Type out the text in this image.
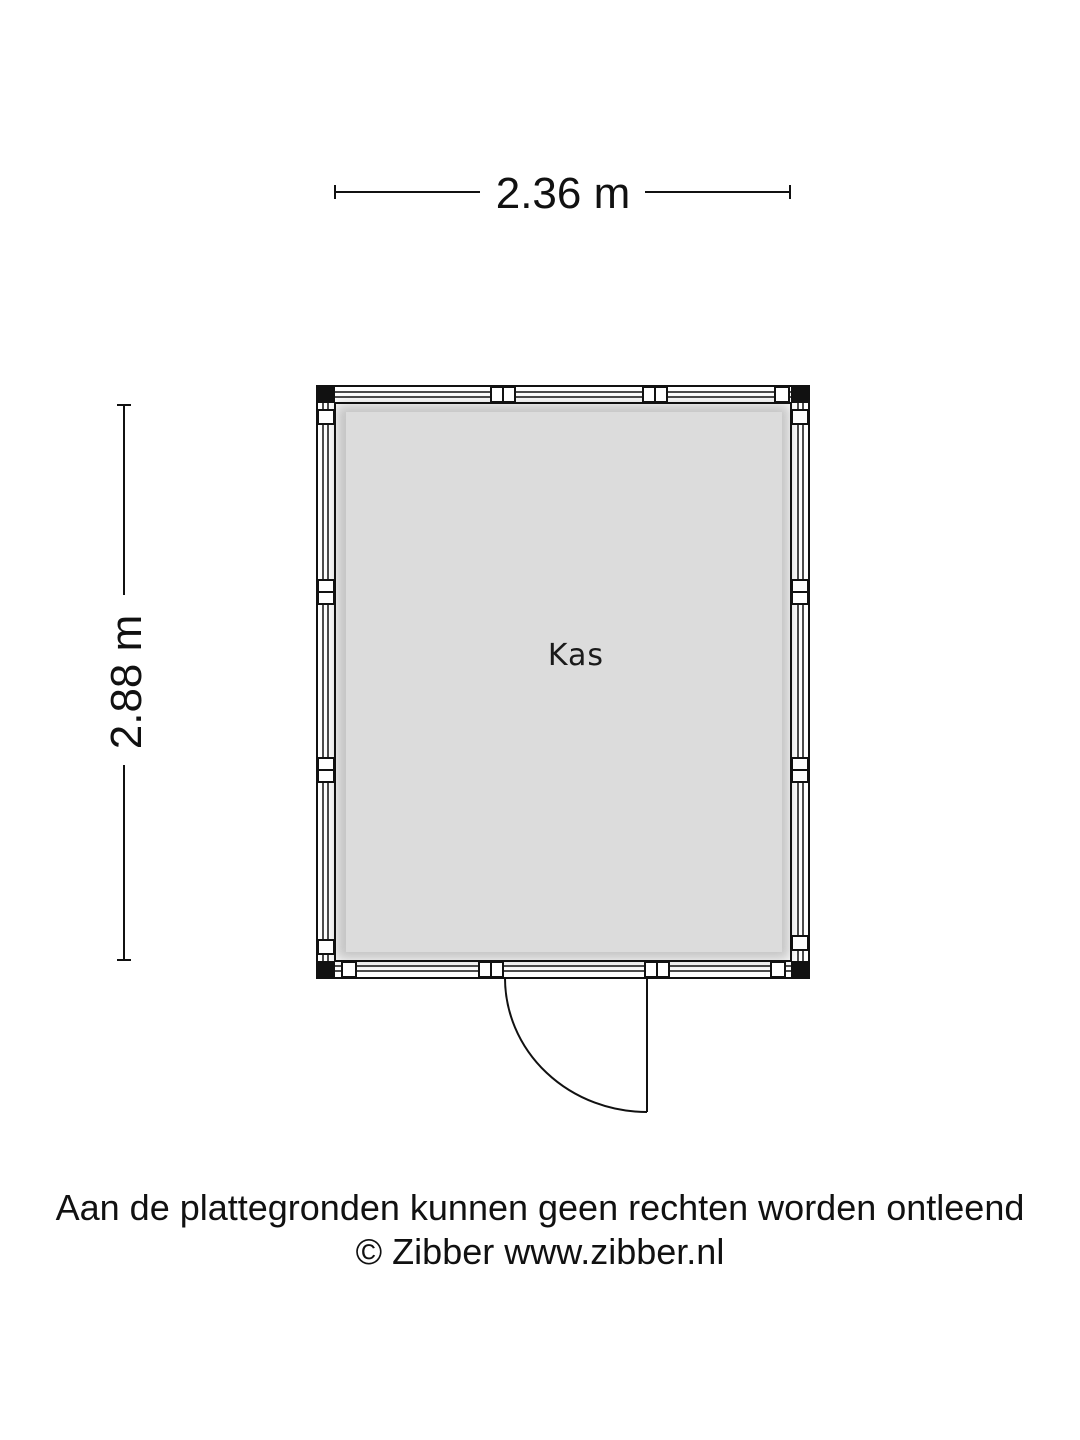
2.36 m
2.88 m	Kas
Aan de plattegronden kunnen geen rechten worden ontleend
© Zibber www.zibber.nl
